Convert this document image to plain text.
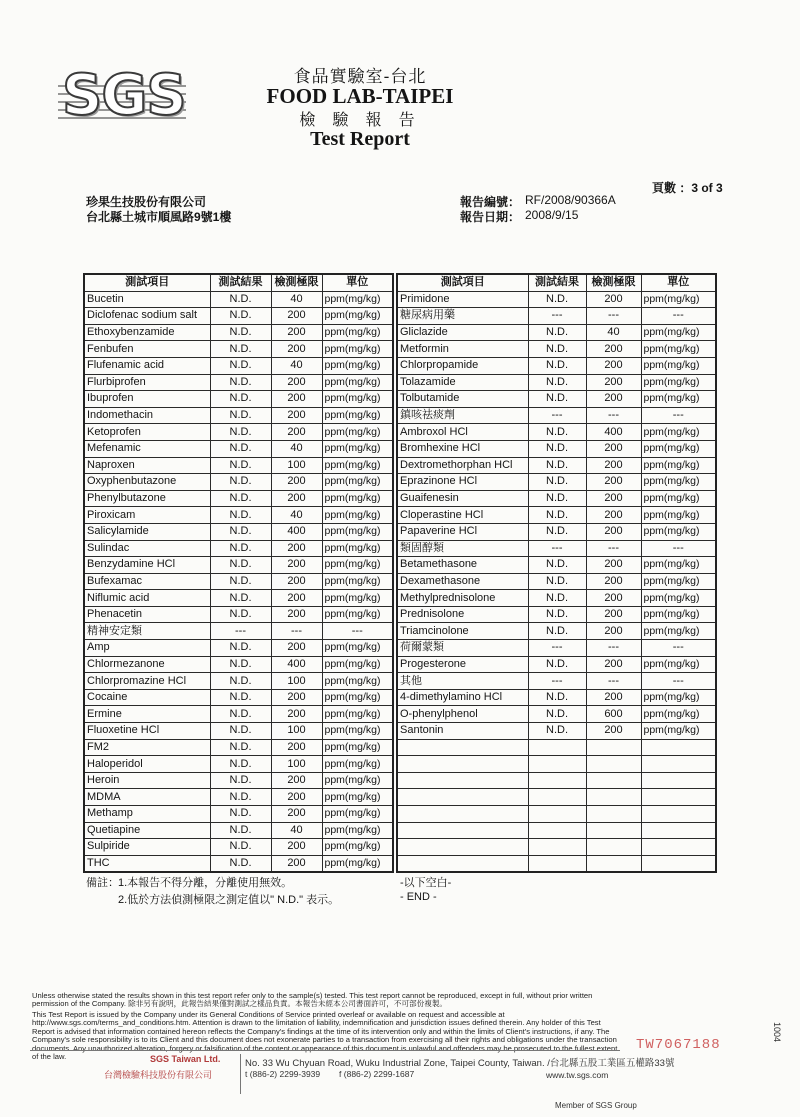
SGS	食品實驗室-台北
FOOD LAB-TAIPEI
檢 驗 報 告
Test Report
頁數 ：3 of 3
珍果生技股份有限公司
台北縣土城市順風路9號1樓
報告編號： RF/2008/90366A
報告日期： 2008/9/15
測試項目	測試結果	檢測極限	單位
Bucetin	N.D.	40	ppm(mg/kg)
Diclofenac sodium salt	N.D.	200	ppm(mg/kg)
Ethoxybenzamide	N.D.	200	ppm(mg/kg)
Fenbufen	N.D.	200	ppm(mg/kg)
Flufenamic acid	N.D.	40	ppm(mg/kg)
Flurbiprofen	N.D.	200	ppm(mg/kg)
Ibuprofen	N.D.	200	ppm(mg/kg)
Indomethacin	N.D.	200	ppm(mg/kg)
Ketoprofen	N.D.	200	ppm(mg/kg)
Mefenamic	N.D.	40	ppm(mg/kg)
Naproxen	N.D.	100	ppm(mg/kg)
Oxyphenbutazone	N.D.	200	ppm(mg/kg)
Phenylbutazone	N.D.	200	ppm(mg/kg)
Piroxicam	N.D.	40	ppm(mg/kg)
Salicylamide	N.D.	400	ppm(mg/kg)
Sulindac	N.D.	200	ppm(mg/kg)
Benzydamine HCl	N.D.	200	ppm(mg/kg)
Bufexamac	N.D.	200	ppm(mg/kg)
Niflumic acid	N.D.	200	ppm(mg/kg)
Phenacetin	N.D.	200	ppm(mg/kg)
精神安定類	---	---	---
Amp	N.D.	200	ppm(mg/kg)
Chlormezanone	N.D.	400	ppm(mg/kg)
Chlorpromazine HCl	N.D.	100	ppm(mg/kg)
Cocaine	N.D.	200	ppm(mg/kg)
Ermine	N.D.	200	ppm(mg/kg)
Fluoxetine HCl	N.D.	100	ppm(mg/kg)
FM2	N.D.	200	ppm(mg/kg)
Haloperidol	N.D.	100	ppm(mg/kg)
Heroin	N.D.	200	ppm(mg/kg)
MDMA	N.D.	200	ppm(mg/kg)
Methamp	N.D.	200	ppm(mg/kg)
Quetiapine	N.D.	40	ppm(mg/kg)
Sulpiride	N.D.	200	ppm(mg/kg)
THC	N.D.	200	ppm(mg/kg)
測試項目	測試結果	檢測極限	單位
Primidone	N.D.	200	ppm(mg/kg)
糖尿病用藥	---	---	---
Gliclazide	N.D.	40	ppm(mg/kg)
Metformin	N.D.	200	ppm(mg/kg)
Chlorpropamide	N.D.	200	ppm(mg/kg)
Tolazamide	N.D.	200	ppm(mg/kg)
Tolbutamide	N.D.	200	ppm(mg/kg)
鎮咳祛痰劑	---	---	---
Ambroxol HCl	N.D.	400	ppm(mg/kg)
Bromhexine HCl	N.D.	200	ppm(mg/kg)
Dextromethorphan HCl	N.D.	200	ppm(mg/kg)
Eprazinone HCl	N.D.	200	ppm(mg/kg)
Guaifenesin	N.D.	200	ppm(mg/kg)
Cloperastine HCl	N.D.	200	ppm(mg/kg)
Papaverine HCl	N.D.	200	ppm(mg/kg)
類固醇類	---	---	---
Betamethasone	N.D.	200	ppm(mg/kg)
Dexamethasone	N.D.	200	ppm(mg/kg)
Methylprednisolone	N.D.	200	ppm(mg/kg)
Prednisolone	N.D.	200	ppm(mg/kg)
Triamcinolone	N.D.	200	ppm(mg/kg)
荷爾蒙類	---	---	---
Progesterone	N.D.	200	ppm(mg/kg)
其他	---	---	---
4-dimethylamino HCl	N.D.	200	ppm(mg/kg)
O-phenylphenol	N.D.	600	ppm(mg/kg)
Santonin	N.D.	200	ppm(mg/kg)

備註： 1.本報告不得分離，分離使用無效。
2.低於方法偵測極限之測定值以" N.D." 表示。
-以下空白-
- END -
Unless otherwise stated the results shown in this test report refer only to the sample(s) tested. This test report cannot be reproduced, except in full, without prior written permission of the Company. 除非另有說明，此報告結果僅對測試之樣品負責。本報告未經本公司書面許可，不可部份複製。
This Test Report is issued by the Company under its General Conditions of Service printed overleaf or available on request and accessible at http://www.sgs.com/terms_and_conditions.htm. Attention is drawn to the limitation of liability, indemnification and jurisdiction issues defined therein. Any holder of this Test Report is advised that information contained hereon reflects the Company's findings at the time of its intervention only and within the limits of Client's instructions, if any. The Company's sole responsibility is to its Client and this document does not exonerate parties to a transaction from exercising all their rights and obligations under the transaction documents. Any unauthorized alteration, forgery or falsification of the content or appearance of this document is unlawful and offenders may be prosecuted to the fullest extent of the law.
TW7067188
1004
SGS Taiwan Ltd.
台灣檢驗科技股份有限公司
No. 33 Wu Chyuan Road, Wuku Industrial Zone, Taipei County, Taiwan. /台北縣五股工業區五權路33號
t (886-2) 2299-3939 f (886-2) 2299-1687	www.tw.sgs.com
Member of SGS Group
